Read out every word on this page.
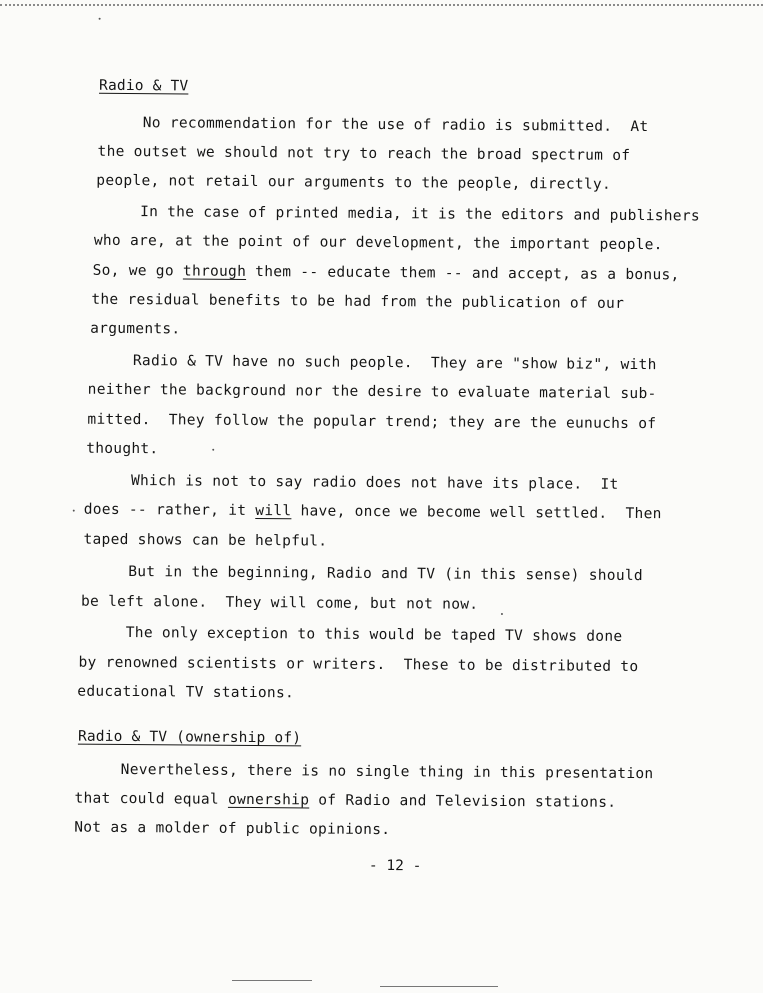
Radio & TV
No recommendation for the use of radio is submitted.  At
the outset we should not try to reach the broad spectrum of
people, not retail our arguments to the people, directly.
In the case of printed media, it is the editors and publishers
who are, at the point of our development, the important people.
So, we go through them -- educate them -- and accept, as a bonus,
the residual benefits to be had from the publication of our
arguments.
Radio & TV have no such people.  They are "show biz", with
neither the background nor the desire to evaluate material sub-
mitted.  They follow the popular trend; they are the eunuchs of
thought.
Which is not to say radio does not have its place.  It
does -- rather, it will have, once we become well settled.  Then
taped shows can be helpful.
But in the beginning, Radio and TV (in this sense) should
be left alone.  They will come, but not now.
The only exception to this would be taped TV shows done
by renowned scientists or writers.  These to be distributed to
educational TV stations.
Radio & TV (ownership of)
Nevertheless, there is no single thing in this presentation
that could equal ownership of Radio and Television stations.
Not as a molder of public opinions.
- 12 -
